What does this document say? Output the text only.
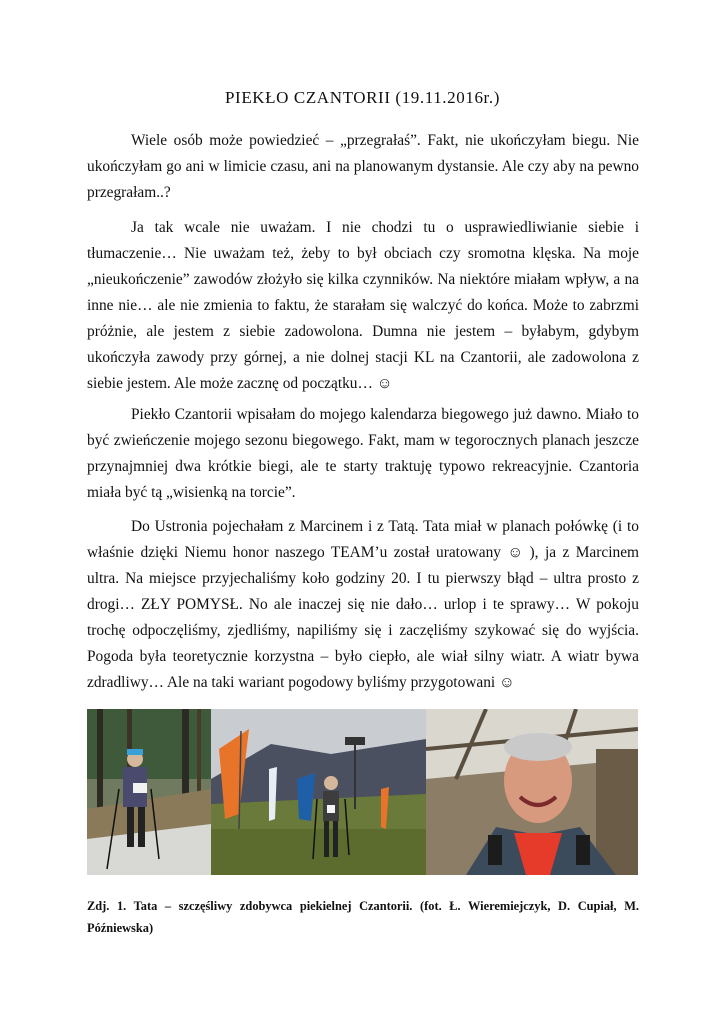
PIEKŁO CZANTORII (19.11.2016r.)

Wiele osób może powiedzieć – „przegrałaś”. Fakt, nie ukończyłam biegu. Nie ukończyłam go ani w limicie czasu, ani na planowanym dystansie. Ale czy aby na pewno przegrałam..?

Ja tak wcale nie uważam. I nie chodzi tu o usprawiedliwianie siebie i tłumaczenie… Nie uważam też, żeby to był obciach czy sromotna klęska. Na moje „nieukończenie” zawodów złożyło się kilka czynników. Na niektóre miałam wpływ, a na inne nie… ale nie zmienia to faktu, że starałam się walczyć do końca. Może to zabrzmi próżnie, ale jestem z siebie zadowolona. Dumna nie jestem – byłabym, gdybym ukończyła zawody przy górnej, a nie dolnej stacji KL na Czantorii, ale zadowolona z siebie jestem. Ale może zacznę od początku… ☺

Piekło Czantorii wpisałam do mojego kalendarza biegowego już dawno. Miało to być zwieńczenie mojego sezonu biegowego. Fakt, mam w tegorocznych planach jeszcze przynajmniej dwa krótkie biegi, ale te starty traktuję typowo rekreacyjnie. Czantoria miała być tą „wisienką na torcie”.

Do Ustronia pojechałam z Marcinem i z Tatą. Tata miał w planach połówkę (i to właśnie dzięki Niemu honor naszego TEAM’u został uratowany ☺ ), ja z Marcinem ultra. Na miejsce przyjechaliśmy koło godziny 20. I tu pierwszy błąd – ultra prosto z drogi… ZŁY POMYSŁ. No ale inaczej się nie dało… urlop i te sprawy… W pokoju trochę odpoczęliśmy, zjedliśmy, napiliśmy się i zaczęliśmy szykować się do wyjścia. Pogoda była teoretycznie korzystna – było ciepło, ale wiał silny wiatr. A wiatr bywa zdradliwy… Ale na taki wariant pogodowy byliśmy przygotowani ☺

Zdj. 1. Tata – szczęśliwy zdobywca piekielnej Czantorii. (fot. Ł. Wieremiejczyk, D. Cupiał, M. Późniewska)
